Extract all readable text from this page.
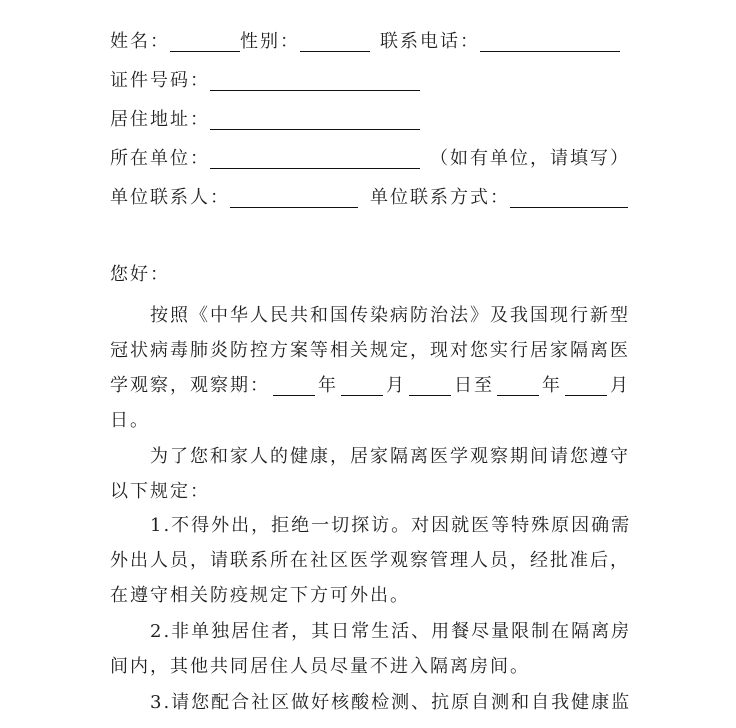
姓名：	性别：	联系电话：
证件号码：
居住地址：
所在单位：	（如有单位，请填写）
单位联系人：	单位联系方式：
您好：
按照《中华人民共和国传染病防治法》及我国现行新型
冠状病毒肺炎防控方案等相关规定，现对您实行居家隔离医
学观察，观察期：	年	月	日至	年	月
日。
为了您和家人的健康，居家隔离医学观察期间请您遵守
以下规定：
1.不得外出，拒绝一切探访。对因就医等特殊原因确需
外出人员，请联系所在社区医学观察管理人员，经批准后，
在遵守相关防疫规定下方可外出。
2.非单独居住者，其日常生活、用餐尽量限制在隔离房
间内，其他共同居住人员尽量不进入隔离房间。
3.请您配合社区做好核酸检测、抗原自测和自我健康监
